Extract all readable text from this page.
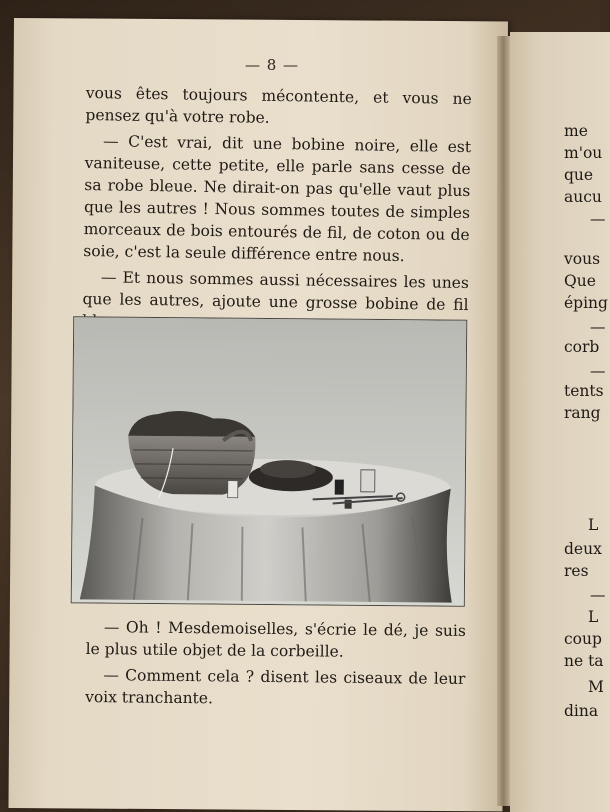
me
m'ou
que
aucu
—
vous
Que
éping
—
corb
—
tents
rang
L
deux
res
—
L
coup
ne ta
M
dina
— 8 —

vous êtes toujours mécontente, et vous ne pensez qu'à votre robe.

— C'est vrai, dit une bobine noire, elle est vaniteuse, cette petite, elle parle sans cesse de sa robe bleue. Ne dirait-on pas qu'elle vaut plus que les autres ! Nous sommes toutes de simples morceaux de bois entourés de fil, de coton ou de soie, c'est la seule différence entre nous.

— Et nous sommes aussi nécessaires les unes que les autres, ajoute une grosse bobine de fil

— Oh ! Mesdemoiselles, s'écrie le dé, je suis le plus utile objet de la corbeille.

— Comment cela ? disent les ciseaux de leur voix tranchante.
